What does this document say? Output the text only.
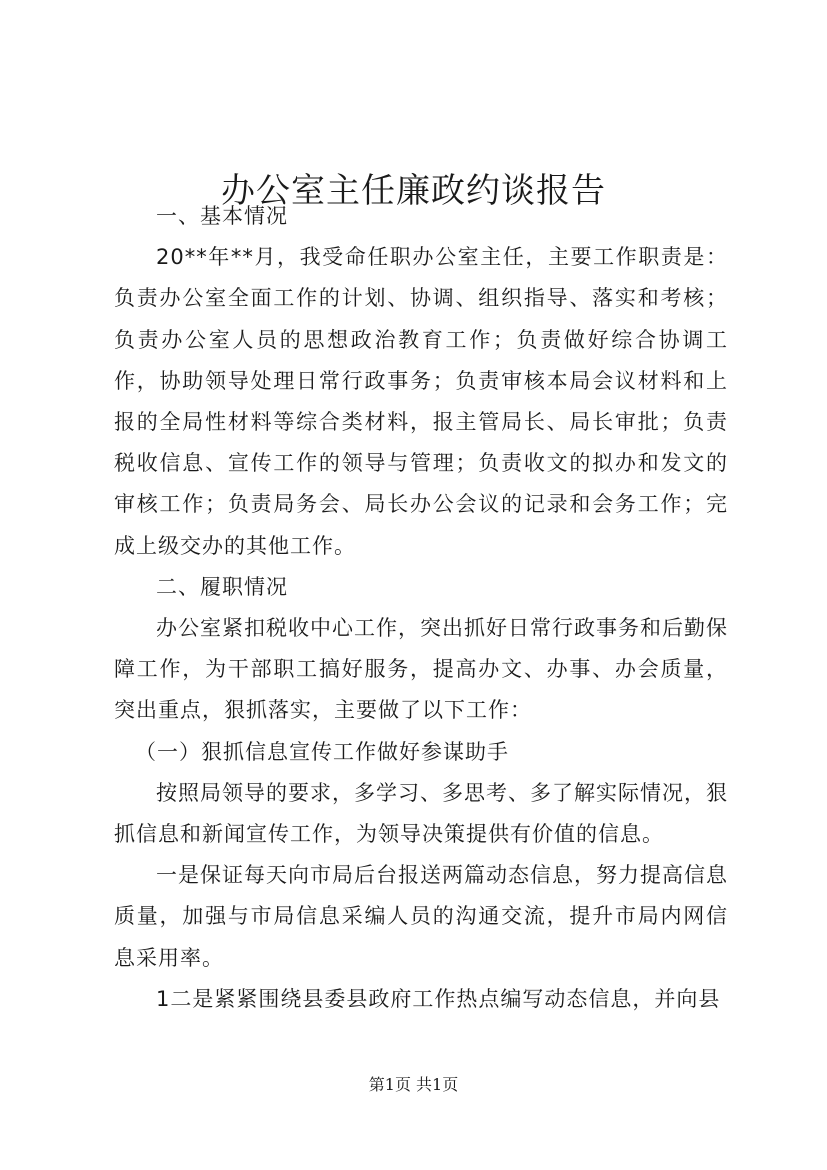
办公室主任廉政约谈报告

一、基本情况

20**年**月，我受命任职办公室主任，主要工作职责是：负责办公室全面工作的计划、协调、组织指导、落实和考核；负责办公室人员的思想政治教育工作；负责做好综合协调工作，协助领导处理日常行政事务；负责审核本局会议材料和上报的全局性材料等综合类材料，报主管局长、局长审批；负责税收信息、宣传工作的领导与管理；负责收文的拟办和发文的审核工作；负责局务会、局长办公会议的记录和会务工作；完成上级交办的其他工作。

二、履职情况

办公室紧扣税收中心工作，突出抓好日常行政事务和后勤保障工作，为干部职工搞好服务，提高办文、办事、办会质量，突出重点，狠抓落实，主要做了以下工作：

（一）狠抓信息宣传工作做好参谋助手

按照局领导的要求，多学习、多思考、多了解实际情况，狠抓信息和新闻宣传工作，为领导决策提供有价值的信息。

一是保证每天向市局后台报送两篇动态信息，努力提高信息质量，加强与市局信息采编人员的沟通交流，提升市局内网信息采用率。

1二是紧紧围绕县委县政府工作热点编写动态信息，并向县

第1页 共1页
